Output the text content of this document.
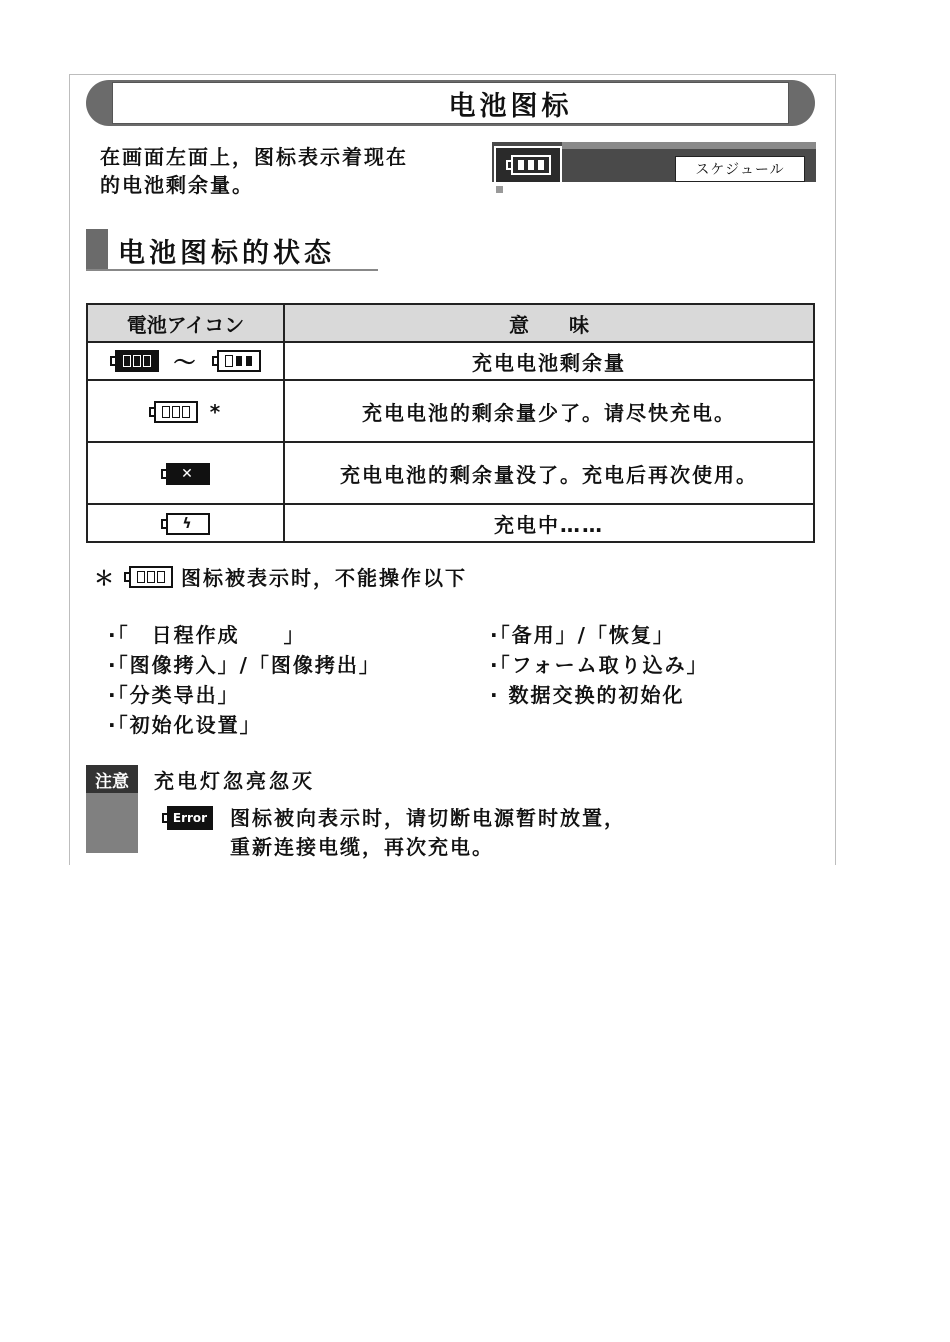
电池图标
在画面左面上，图标表示着现在
的电池剩余量。
スケジュール
电池图标的状态
電池アイコン	意　　味

～	充电电池剩余量

*	充电电池的剩余量少了。请尽快充电。

✕	充电电池的剩余量没了。充电后再次使用。

ϟ	充电中……
＊	图标被表示时，不能操作以下
·「　日程作成　　」
·「图像拷入」/「图像拷出」
·「分类导出」
·「初始化设置」
·「备用」/「恢复」
·「フォーム取り込み」
· 数据交换的初始化
注意	充电灯忽亮忽灭
Error 图标被向表示时，请切断电源暂时放置，
重新连接电缆，再次充电。
